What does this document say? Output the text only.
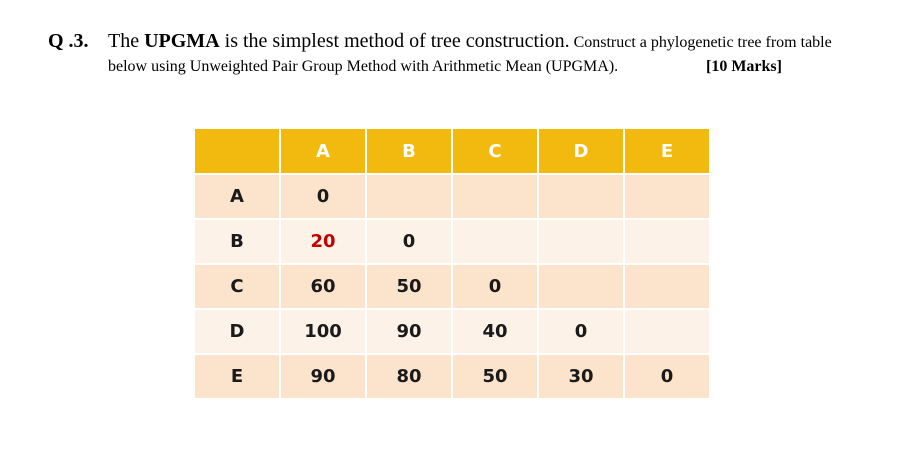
Q .3. The UPGMA is the simplest method of tree construction. Construct a phylogenetic tree from table
below using Unweighted Pair Group Method with Arithmetic Mean (UPGMA).	[10 Marks]
	A	B	C	D	E
A	0				
B	20	0			
C	60	50	0		
D	100	90	40	0	
E	90	80	50	30	0
